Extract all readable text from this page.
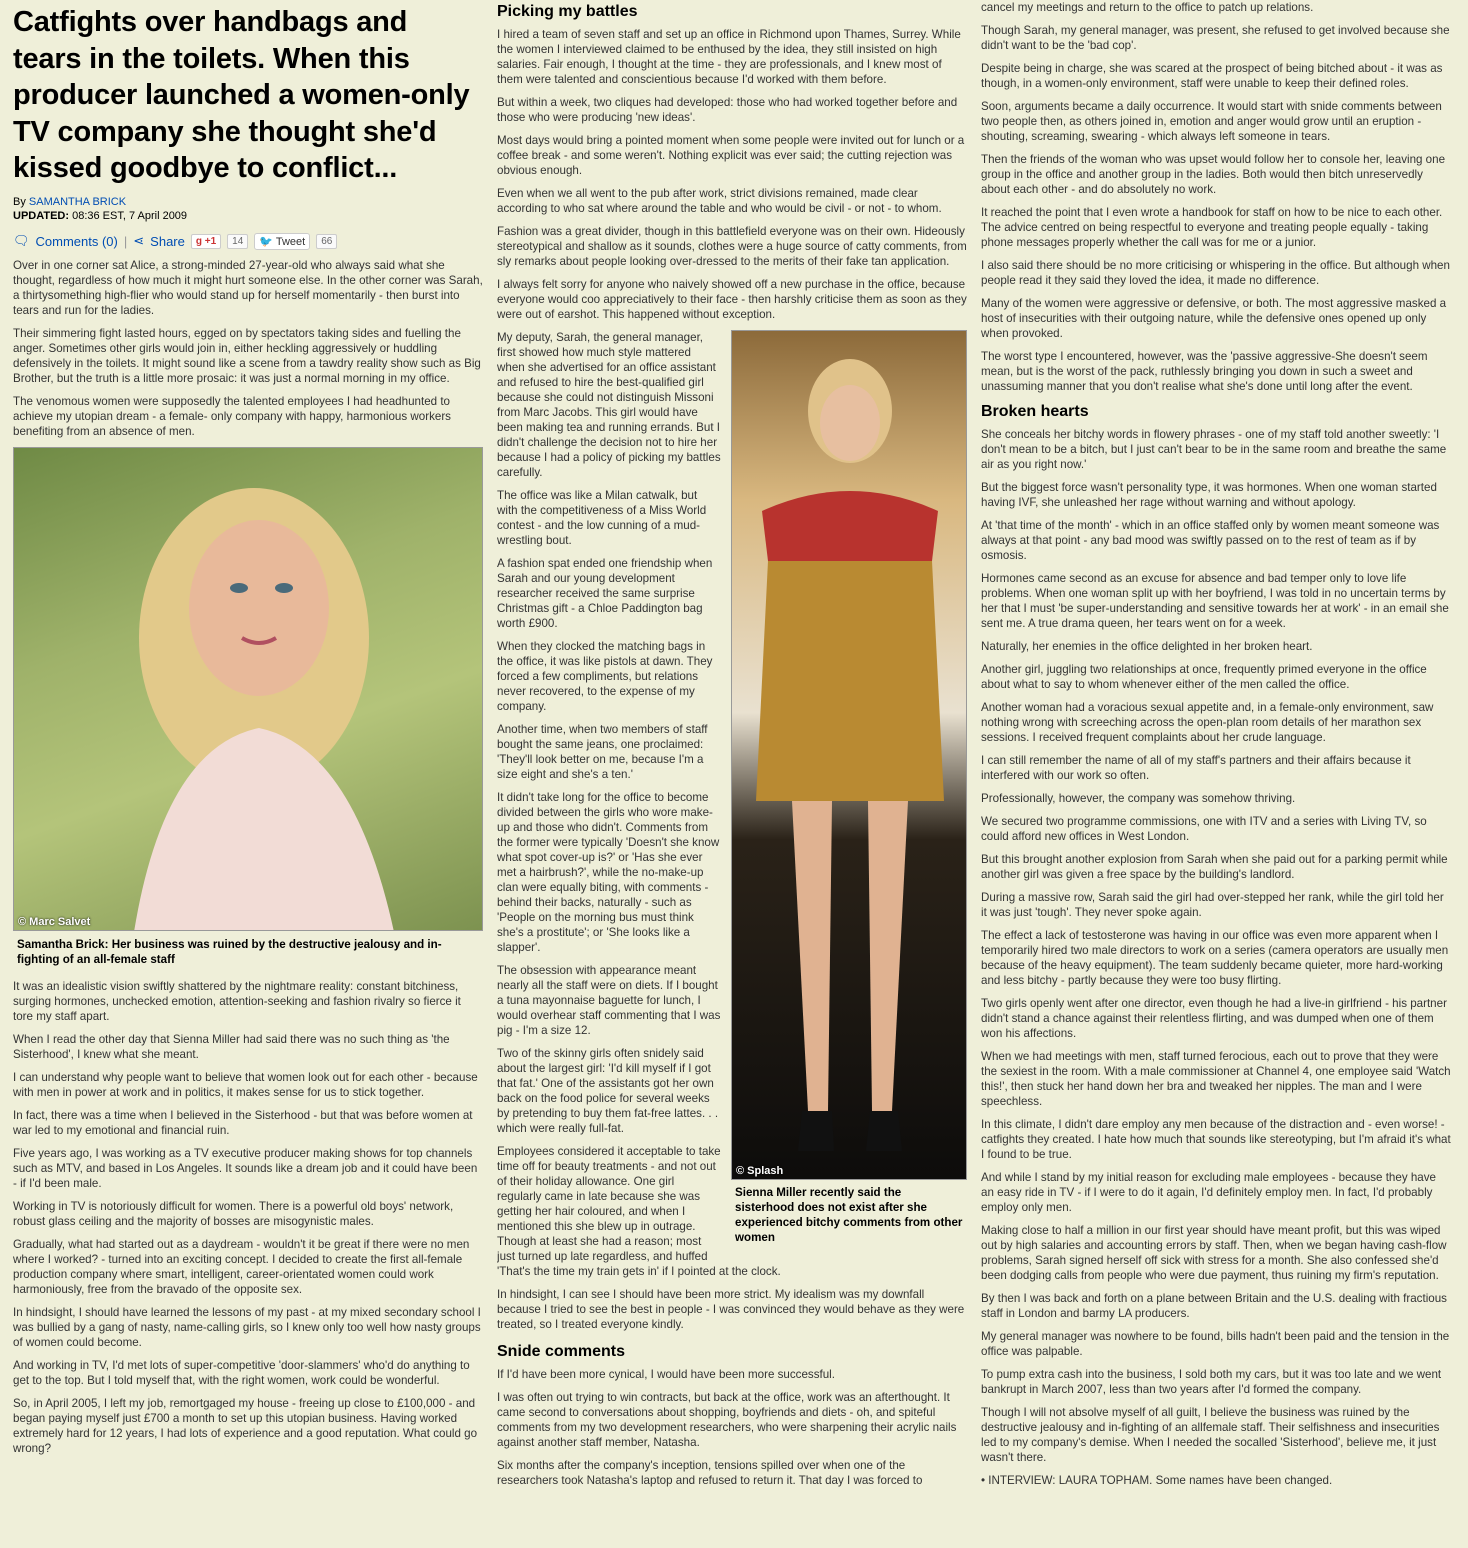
Catfights over handbags and tears in the toilets. When this producer launched a women-only TV company she thought she'd kissed goodbye to conflict...
By SAMANTHA BRICK
UPDATED: 08:36 EST, 7 April 2009
🗨 Comments (0) | ⋖ Share	g +1	14	🐦 Tweet	66

Over in one corner sat Alice, a strong-minded 27-year-old who always said what she thought, regardless of how much it might hurt someone else. In the other corner was Sarah, a thirtysomething high-flier who would stand up for herself momentarily - then burst into tears and run for the ladies.

Their simmering fight lasted hours, egged on by spectators taking sides and fuelling the anger. Sometimes other girls would join in, either heckling aggressively or huddling defensively in the toilets. It might sound like a scene from a tawdry reality show such as Big Brother, but the truth is a little more prosaic: it was just a normal morning in my office.

The venomous women were supposedly the talented employees I had headhunted to achieve my utopian dream - a female- only company with happy, harmonious workers benefiting from an absence of men.

© Marc Salvet
Samantha Brick: Her business was ruined by the destructive jealousy and in-fighting of an all-female staff

It was an idealistic vision swiftly shattered by the nightmare reality: constant bitchiness, surging hormones, unchecked emotion, attention-seeking and fashion rivalry so fierce it tore my staff apart.

When I read the other day that Sienna Miller had said there was no such thing as 'the Sisterhood', I knew what she meant.

I can understand why people want to believe that women look out for each other - because with men in power at work and in politics, it makes sense for us to stick together.

In fact, there was a time when I believed in the Sisterhood - but that was before women at war led to my emotional and financial ruin.

Five years ago, I was working as a TV executive producer making shows for top channels such as MTV, and based in Los Angeles. It sounds like a dream job and it could have been - if I'd been male.

Working in TV is notoriously difficult for women. There is a powerful old boys' network, robust glass ceiling and the majority of bosses are misogynistic males.

Gradually, what had started out as a daydream - wouldn't it be great if there were no men where I worked? - turned into an exciting concept. I decided to create the first all-female production company where smart, intelligent, career-orientated women could work harmoniously, free from the bravado of the opposite sex.

In hindsight, I should have learned the lessons of my past - at my mixed secondary school I was bullied by a gang of nasty, name-calling girls, so I knew only too well how nasty groups of women could become.

And working in TV, I'd met lots of super-competitive 'door-slammers' who'd do anything to get to the top. But I told myself that, with the right women, work could be wonderful.

So, in April 2005, I left my job, remortgaged my house - freeing up close to £100,000 - and began paying myself just £700 a month to set up this utopian business. Having worked extremely hard for 12 years, I had lots of experience and a good reputation. What could go wrong?

Picking my battles

I hired a team of seven staff and set up an office in Richmond upon Thames, Surrey. While the women I interviewed claimed to be enthused by the idea, they still insisted on high salaries. Fair enough, I thought at the time - they are professionals, and I knew most of them were talented and conscientious because I'd worked with them before.

But within a week, two cliques had developed: those who had worked together before and those who were producing 'new ideas'.

Most days would bring a pointed moment when some people were invited out for lunch or a coffee break - and some weren't. Nothing explicit was ever said; the cutting rejection was obvious enough.

Even when we all went to the pub after work, strict divisions remained, made clear according to who sat where around the table and who would be civil - or not - to whom.

Fashion was a great divider, though in this battlefield everyone was on their own. Hideously stereotypical and shallow as it sounds, clothes were a huge source of catty comments, from sly remarks about people looking over-dressed to the merits of their fake tan application.

I always felt sorry for anyone who naively showed off a new purchase in the office, because everyone would coo appreciatively to their face - then harshly criticise them as soon as they were out of earshot. This happened without exception.

© Splash
Sienna Miller recently said the sisterhood does not exist after she experienced bitchy comments from other women

My deputy, Sarah, the general manager, first showed how much style mattered when she advertised for an office assistant and refused to hire the best-qualified girl because she could not distinguish Missoni from Marc Jacobs. This girl would have been making tea and running errands. But I didn't challenge the decision not to hire her because I had a policy of picking my battles carefully.

The office was like a Milan catwalk, but with the competitiveness of a Miss World contest - and the low cunning of a mud-wrestling bout.

A fashion spat ended one friendship when Sarah and our young development researcher received the same surprise Christmas gift - a Chloe Paddington bag worth £900.

When they clocked the matching bags in the office, it was like pistols at dawn. They forced a few compliments, but relations never recovered, to the expense of my company.

Another time, when two members of staff bought the same jeans, one proclaimed: 'They'll look better on me, because I'm a size eight and she's a ten.'

It didn't take long for the office to become divided between the girls who wore make-up and those who didn't. Comments from the former were typically 'Doesn't she know what spot cover-up is?' or 'Has she ever met a hairbrush?', while the no-make-up clan were equally biting, with comments - behind their backs, naturally - such as 'People on the morning bus must think she's a prostitute'; or 'She looks like a slapper'.

The obsession with appearance meant nearly all the staff were on diets. If I bought a tuna mayonnaise baguette for lunch, I would overhear staff commenting that I was pig - I'm a size 12.

Two of the skinny girls often snidely said about the largest girl: 'I'd kill myself if I got that fat.' One of the assistants got her own back on the food police for several weeks by pretending to buy them fat-free lattes. . . which were really full-fat.

Employees considered it acceptable to take time off for beauty treatments - and not out of their holiday allowance. One girl regularly came in late because she was getting her hair coloured, and when I mentioned this she blew up in outrage. Though at least she had a reason; most just turned up late regardless, and huffed 'That's the time my train gets in' if I pointed at the clock.

In hindsight, I can see I should have been more strict. My idealism was my downfall because I tried to see the best in people - I was convinced they would behave as they were treated, so I treated everyone kindly.

Snide comments

If I'd have been more cynical, I would have been more successful.

I was often out trying to win contracts, but back at the office, work was an afterthought. It came second to conversations about shopping, boyfriends and diets - oh, and spiteful comments from my two development researchers, who were sharpening their acrylic nails against another staff member, Natasha.

Six months after the company's inception, tensions spilled over when one of the researchers took Natasha's laptop and refused to return it. That day I was forced to

cancel my meetings and return to the office to patch up relations.

Though Sarah, my general manager, was present, she refused to get involved because she didn't want to be the 'bad cop'.

Despite being in charge, she was scared at the prospect of being bitched about - it was as though, in a women-only environment, staff were unable to keep their defined roles.

Soon, arguments became a daily occurrence. It would start with snide comments between two people then, as others joined in, emotion and anger would grow until an eruption - shouting, screaming, swearing - which always left someone in tears.

Then the friends of the woman who was upset would follow her to console her, leaving one group in the office and another group in the ladies. Both would then bitch unreservedly about each other - and do absolutely no work.

It reached the point that I even wrote a handbook for staff on how to be nice to each other. The advice centred on being respectful to everyone and treating people equally - taking phone messages properly whether the call was for me or a junior.

I also said there should be no more criticising or whispering in the office. But although when people read it they said they loved the idea, it made no difference.

Many of the women were aggressive or defensive, or both. The most aggressive masked a host of insecurities with their outgoing nature, while the defensive ones opened up only when provoked.

The worst type I encountered, however, was the 'passive aggressive-She doesn't seem mean, but is the worst of the pack, ruthlessly bringing you down in such a sweet and unassuming manner that you don't realise what she's done until long after the event.

Broken hearts

She conceals her bitchy words in flowery phrases - one of my staff told another sweetly: 'I don't mean to be a bitch, but I just can't bear to be in the same room and breathe the same air as you right now.'

But the biggest force wasn't personality type, it was hormones. When one woman started having IVF, she unleashed her rage without warning and without apology.

At 'that time of the month' - which in an office staffed only by women meant someone was always at that point - any bad mood was swiftly passed on to the rest of team as if by osmosis.

Hormones came second as an excuse for absence and bad temper only to love life problems. When one woman split up with her boyfriend, I was told in no uncertain terms by her that I must 'be super-understanding and sensitive towards her at work' - in an email she sent me. A true drama queen, her tears went on for a week.

Naturally, her enemies in the office delighted in her broken heart.

Another girl, juggling two relationships at once, frequently primed everyone in the office about what to say to whom whenever either of the men called the office.

Another woman had a voracious sexual appetite and, in a female-only environment, saw nothing wrong with screeching across the open-plan room details of her marathon sex sessions. I received frequent complaints about her crude language.

I can still remember the name of all of my staff's partners and their affairs because it interfered with our work so often.

Professionally, however, the company was somehow thriving.

We secured two programme commissions, one with ITV and a series with Living TV, so could afford new offices in West London.

But this brought another explosion from Sarah when she paid out for a parking permit while another girl was given a free space by the building's landlord.

During a massive row, Sarah said the girl had over-stepped her rank, while the girl told her it was just 'tough'. They never spoke again.

The effect a lack of testosterone was having in our office was even more apparent when I temporarily hired two male directors to work on a series (camera operators are usually men because of the heavy equipment). The team suddenly became quieter, more hard-working and less bitchy - partly because they were too busy flirting.

Two girls openly went after one director, even though he had a live-in girlfriend - his partner didn't stand a chance against their relentless flirting, and was dumped when one of them won his affections.

When we had meetings with men, staff turned ferocious, each out to prove that they were the sexiest in the room. With a male commissioner at Channel 4, one employee said 'Watch this!', then stuck her hand down her bra and tweaked her nipples. The man and I were speechless.

In this climate, I didn't dare employ any men because of the distraction and - even worse! - catfights they created. I hate how much that sounds like stereotyping, but I'm afraid it's what I found to be true.

And while I stand by my initial reason for excluding male employees - because they have an easy ride in TV - if I were to do it again, I'd definitely employ men. In fact, I'd probably employ only men.

Making close to half a million in our first year should have meant profit, but this was wiped out by high salaries and accounting errors by staff. Then, when we began having cash-flow problems, Sarah signed herself off sick with stress for a month. She also confessed she'd been dodging calls from people who were due payment, thus ruining my firm's reputation.

By then I was back and forth on a plane between Britain and the U.S. dealing with fractious staff in London and barmy LA producers.

My general manager was nowhere to be found, bills hadn't been paid and the tension in the office was palpable.

To pump extra cash into the business, I sold both my cars, but it was too late and we went bankrupt in March 2007, less than two years after I'd formed the company.

Though I will not absolve myself of all guilt, I believe the business was ruined by the destructive jealousy and in-fighting of an allfemale staff. Their selfishness and insecurities led to my company's demise. When I needed the socalled 'Sisterhood', believe me, it just wasn't there.

• INTERVIEW: LAURA TOPHAM. Some names have been changed.
